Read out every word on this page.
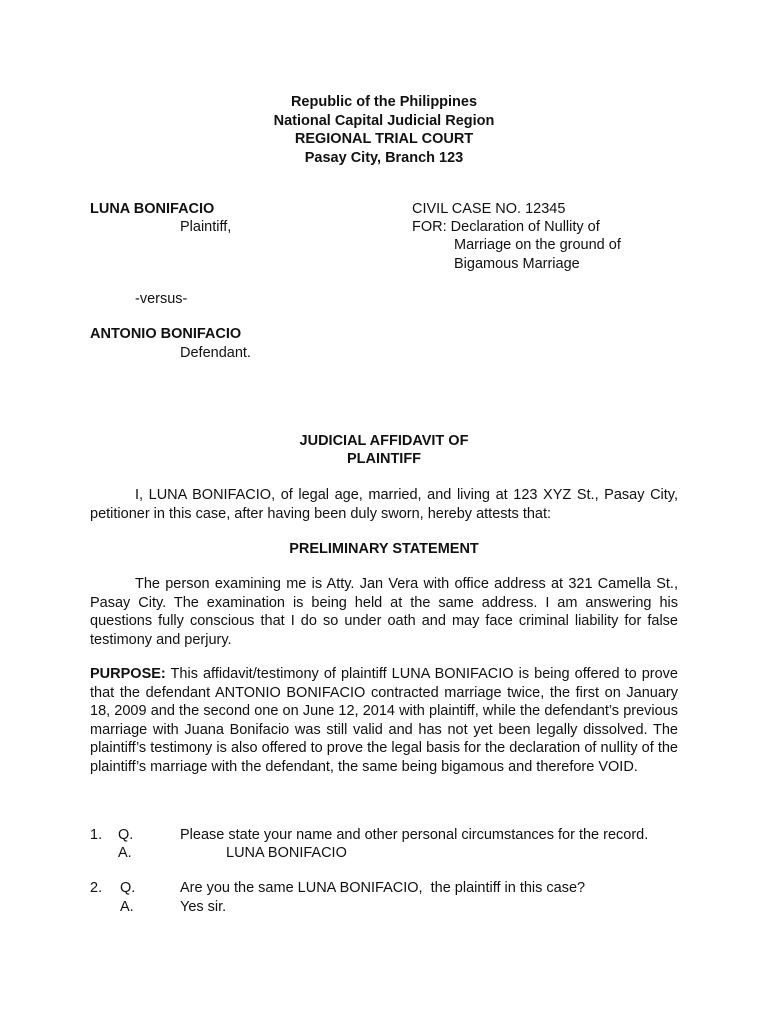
Republic of the Philippines
National Capital Judicial Region
REGIONAL TRIAL COURT
Pasay City, Branch 123
LUNA BONIFACIO
Plaintiff,
-versus-
ANTONIO BONIFACIO
Defendant.
CIVIL CASE NO. 12345
FOR: Declaration of Nullity of
Marriage on the ground of
Bigamous Marriage
JUDICIAL AFFIDAVIT OF
PLAINTIFF
I, LUNA BONIFACIO, of legal age, married, and living at 123 XYZ St., Pasay City, petitioner in this case, after having been duly sworn, hereby attests that:
PRELIMINARY STATEMENT
The person examining me is Atty. Jan Vera with office address at 321 Camella St., Pasay City. The examination is being held at the same address. I am answering his questions fully conscious that I do so under oath and may face criminal liability for false testimony and perjury.
PURPOSE: This affidavit/testimony of plaintiff LUNA BONIFACIO is being offered to prove that the defendant ANTONIO BONIFACIO contracted marriage twice, the first on January 18, 2009 and the second one on June 12, 2014 with plaintiff, while the defendant’s previous marriage with Juana Bonifacio was still valid and has not yet been legally dissolved. The plaintiff’s testimony is also offered to prove the legal basis for the declaration of nullity of the plaintiff’s marriage with the defendant, the same being bigamous and therefore VOID.
1. Q.	Please state your name and other personal circumstances for the record.
A.	LUNA BONIFACIO
2. Q.	Are you the same LUNA BONIFACIO,  the plaintiff in this case?
A.	Yes sir.
